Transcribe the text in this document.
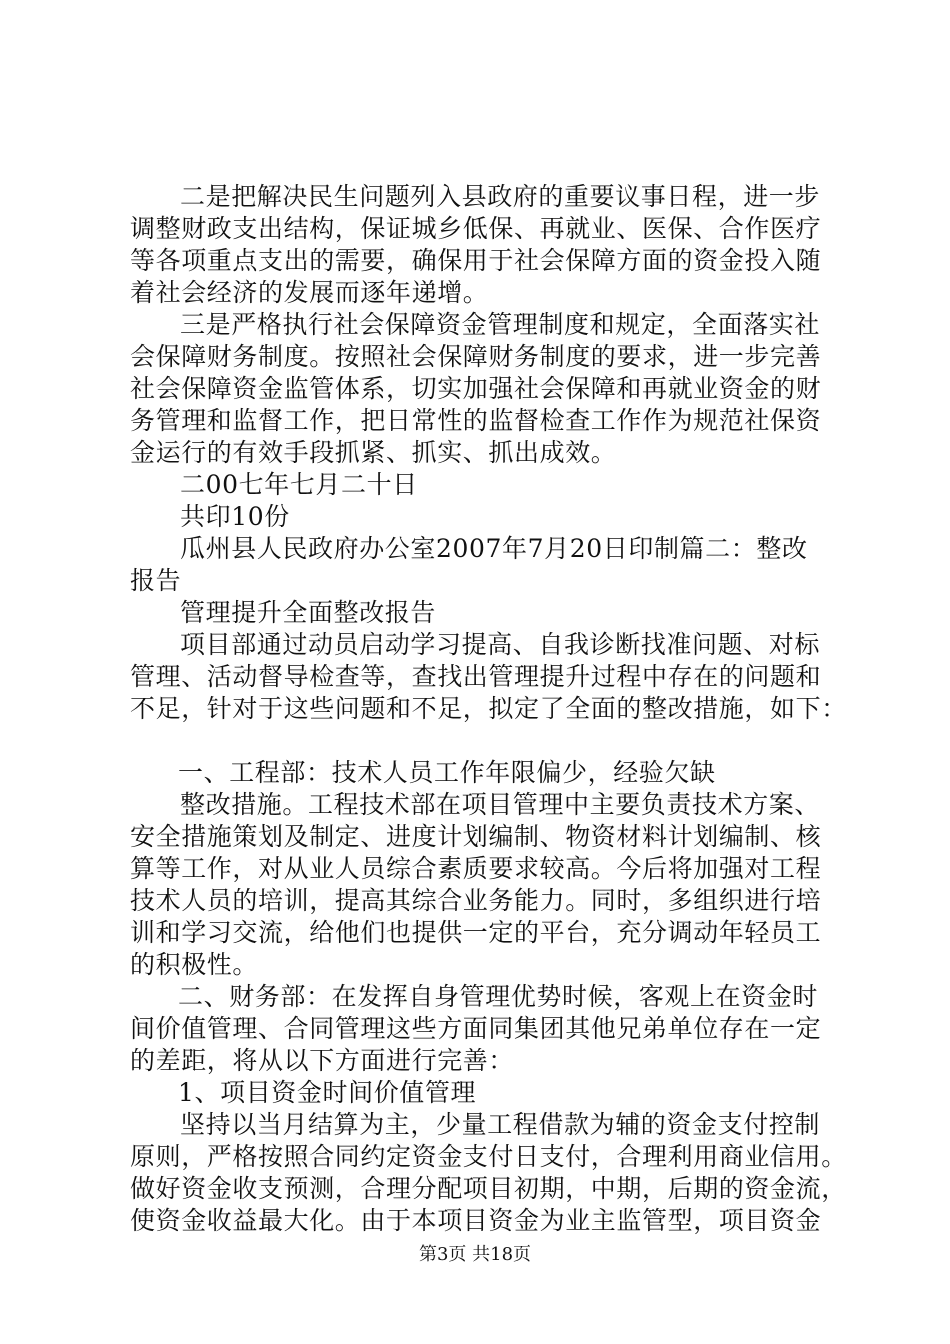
二是把解决民生问题列入县政府的重要议事日程，进一步
调整财政支出结构，保证城乡低保、再就业、医保、合作医疗
等各项重点支出的需要，确保用于社会保障方面的资金投入随
着社会经济的发展而逐年递增。
三是严格执行社会保障资金管理制度和规定，全面落实社
会保障财务制度。按照社会保障财务制度的要求，进一步完善
社会保障资金监管体系，切实加强社会保障和再就业资金的财
务管理和监督工作，把日常性的监督检查工作作为规范社保资
金运行的有效手段抓紧、抓实、抓出成效。
二00七年七月二十日
共印10份
瓜州县人民政府办公室2007年7月20日印制篇二：整改
报告
管理提升全面整改报告
项目部通过动员启动学习提高、自我诊断找准问题、对标
管理、活动督导检查等，查找出管理提升过程中存在的问题和
不足，针对于这些问题和不足，拟定了全面的整改措施，如下：
一、工程部：技术人员工作年限偏少，经验欠缺
整改措施。工程技术部在项目管理中主要负责技术方案、
安全措施策划及制定、进度计划编制、物资材料计划编制、核
算等工作，对从业人员综合素质要求较高。今后将加强对工程
技术人员的培训，提高其综合业务能力。同时，多组织进行培
训和学习交流，给他们也提供一定的平台，充分调动年轻员工
的积极性。
二、财务部：在发挥自身管理优势时候，客观上在资金时
间价值管理、合同管理这些方面同集团其他兄弟单位存在一定
的差距，将从以下方面进行完善：
1、项目资金时间价值管理
坚持以当月结算为主，少量工程借款为辅的资金支付控制
原则，严格按照合同约定资金支付日支付，合理利用商业信用。
做好资金收支预测，合理分配项目初期，中期，后期的资金流，
使资金收益最大化。由于本项目资金为业主监管型，项目资金
第3页 共18页
